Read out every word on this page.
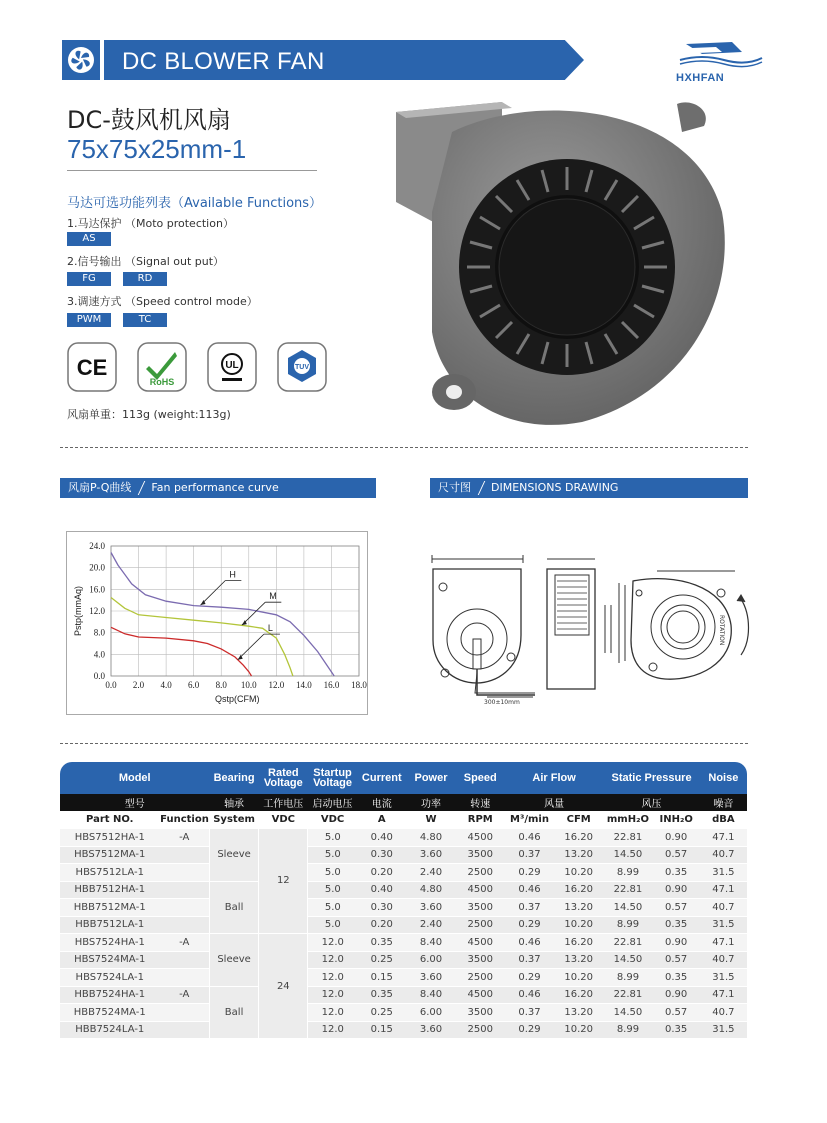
DC BLOWER FAN
HXHFAN
DC-鼓风机风扇
75x75x25mm-1
马达可选功能列表（Available Functions）
1.马达保护 （Moto protection）
AS
2.信号输出 （Signal out put）
FG	RD
3.调速方式 （Speed control mode）
PWM	TC
CE
RoHS
UL	TUV
风扇单重：113g (weight:113g)
风扇P-Q曲线 Fan performance curve	尺寸图 DIMENSIONS DRAWING
0.0 2.0 4.0 6.0 8.0 10.0 12.0 14.0 16.0 18.0
0.0
4.0
8.0
12.0
16.0
20.0
24.0
Qstp(CFM)
Pstp(mmAq)
H
M
L
300±10mm
ROTATION
Model		Bearing	Rated Voltage	Startup Voltage	Current	Power	Speed	Air Flow		Static Pressure		Noise
型号		轴承	工作电压	启动电压	电流	功率	转速	风量		风压		噪音
Part NO.	Function	System	VDC	VDC	A	W	RPM	M³/min	CFM	mmH₂O	INH₂O	dBA
HBS7512HA-1	-A	Sleeve	12	5.0	0.40	4.80	4500	0.46	16.20	22.81	0.90	47.1
HBS7512MA-1				5.0	0.30	3.60	3500	0.37	13.20	14.50	0.57	40.7
HBS7512LA-1				5.0	0.20	2.40	2500	0.29	10.20	8.99	0.35	31.5
HBB7512HA-1		Ball		5.0	0.40	4.80	4500	0.46	16.20	22.81	0.90	47.1
HBB7512MA-1				5.0	0.30	3.60	3500	0.37	13.20	14.50	0.57	40.7
HBB7512LA-1				5.0	0.20	2.40	2500	0.29	10.20	8.99	0.35	31.5
HBS7524HA-1	-A	Sleeve	24	12.0	0.35	8.40	4500	0.46	16.20	22.81	0.90	47.1
HBS7524MA-1				12.0	0.25	6.00	3500	0.37	13.20	14.50	0.57	40.7
HBS7524LA-1				12.0	0.15	3.60	2500	0.29	10.20	8.99	0.35	31.5
HBB7524HA-1	-A	Ball		12.0	0.35	8.40	4500	0.46	16.20	22.81	0.90	47.1
HBB7524MA-1				12.0	0.25	6.00	3500	0.37	13.20	14.50	0.57	40.7
HBB7524LA-1				12.0	0.15	3.60	2500	0.29	10.20	8.99	0.35	31.5
